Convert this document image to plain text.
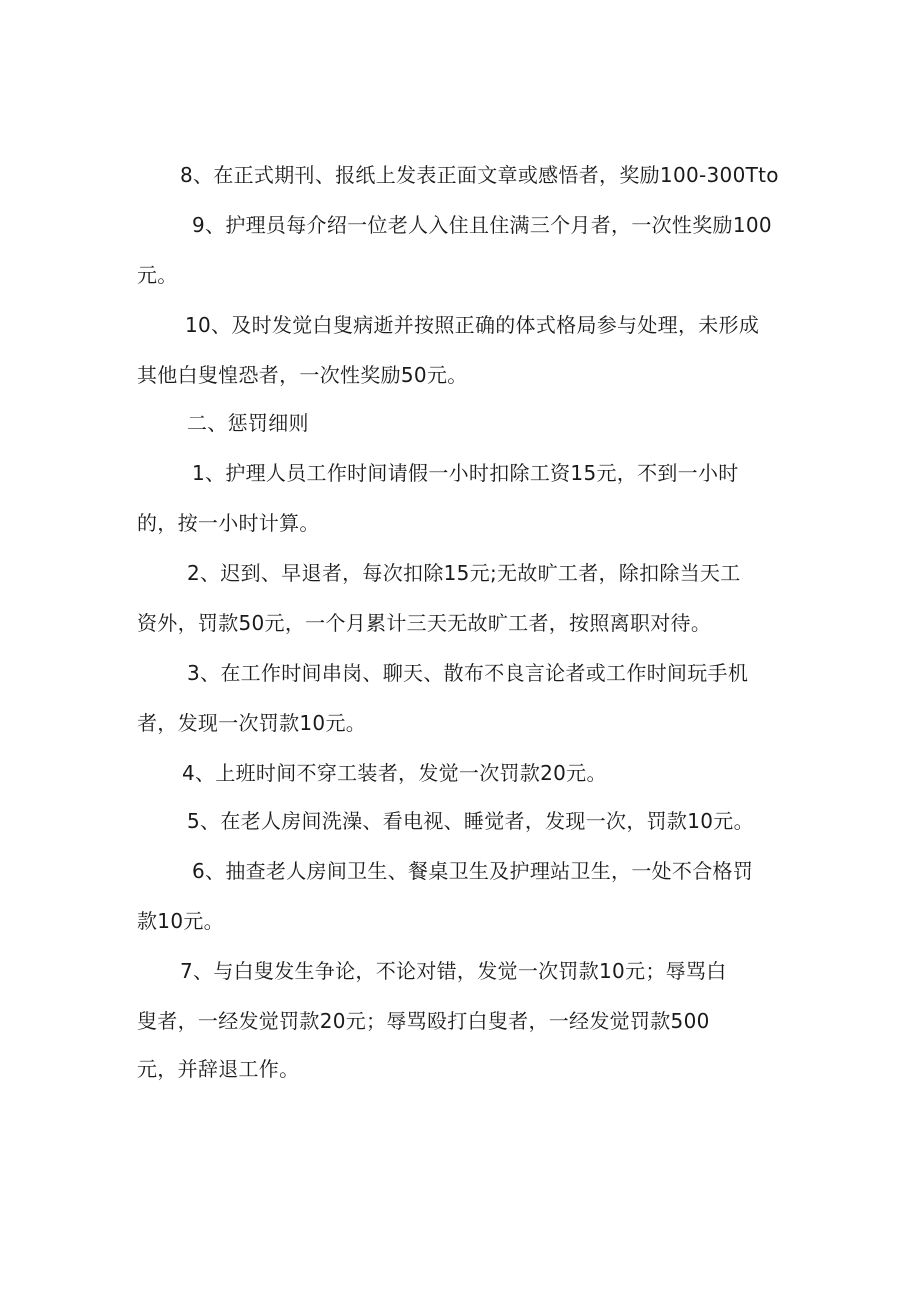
8、在正式期刊、报纸上发表正面文章或感悟者，奖励100-300Tto

9、护理员每介绍一位老人入住且住满三个月者，一次性奖励100

元。

10、及时发觉白叟病逝并按照正确的体式格局参与处理，未形成

其他白叟惶恐者，一次性奖励50元。

二、惩罚细则

1、护理人员工作时间请假一小时扣除工资15元，不到一小时

的，按一小时计算。

2、迟到、早退者，每次扣除15元;无故旷工者，除扣除当天工

资外，罚款50元，一个月累计三天无故旷工者，按照离职对待。

3、在工作时间串岗、聊天、散布不良言论者或工作时间玩手机

者，发现一次罚款10元。

4、上班时间不穿工装者，发觉一次罚款20元。

5、在老人房间洗澡、看电视、睡觉者，发现一次，罚款10元。

6、抽查老人房间卫生、餐桌卫生及护理站卫生，一处不合格罚

款10元。

7、与白叟发生争论，不论对错，发觉一次罚款10元；辱骂白

叟者，一经发觉罚款20元；辱骂殴打白叟者，一经发觉罚款500

元，并辞退工作。
